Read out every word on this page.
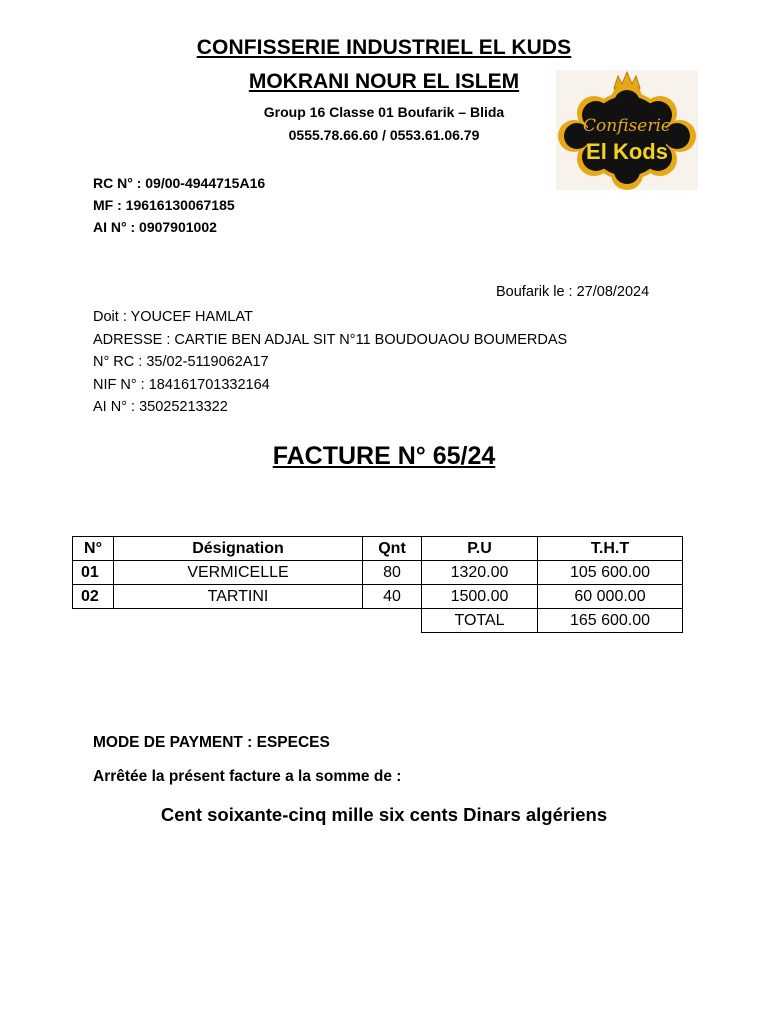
CONFISSERIE INDUSTRIEL EL KUDS
MOKRANI NOUR EL ISLEM
Group 16 Classe 01 Boufarik – Blida
0555.78.66.60 / 0553.61.06.79	Confiserie
El Kods
RC N° : 09/00-4944715A16
MF : 19616130067185
AI N° : 0907901002
Boufarik le : 27/08/2024
Doit : YOUCEF HAMLAT
ADRESSE : CARTIE BEN ADJAL SIT N°11 BOUDOUAOU BOUMERDAS
N° RC : 35/02-5119062A17
NIF N° : 184161701332164
AI N° : 35025213322
FACTURE N° 65/24
N°	Désignation	Qnt	P.U	T.H.T
01	VERMICELLE	80	1320.00	105 600.00
02	TARTINI	40	1500.00	60 000.00
			TOTAL	165 600.00
MODE DE PAYMENT : ESPECES
Arrêtée la présent facture a la somme de :
Cent soixante-cinq mille six cents Dinars algériens
